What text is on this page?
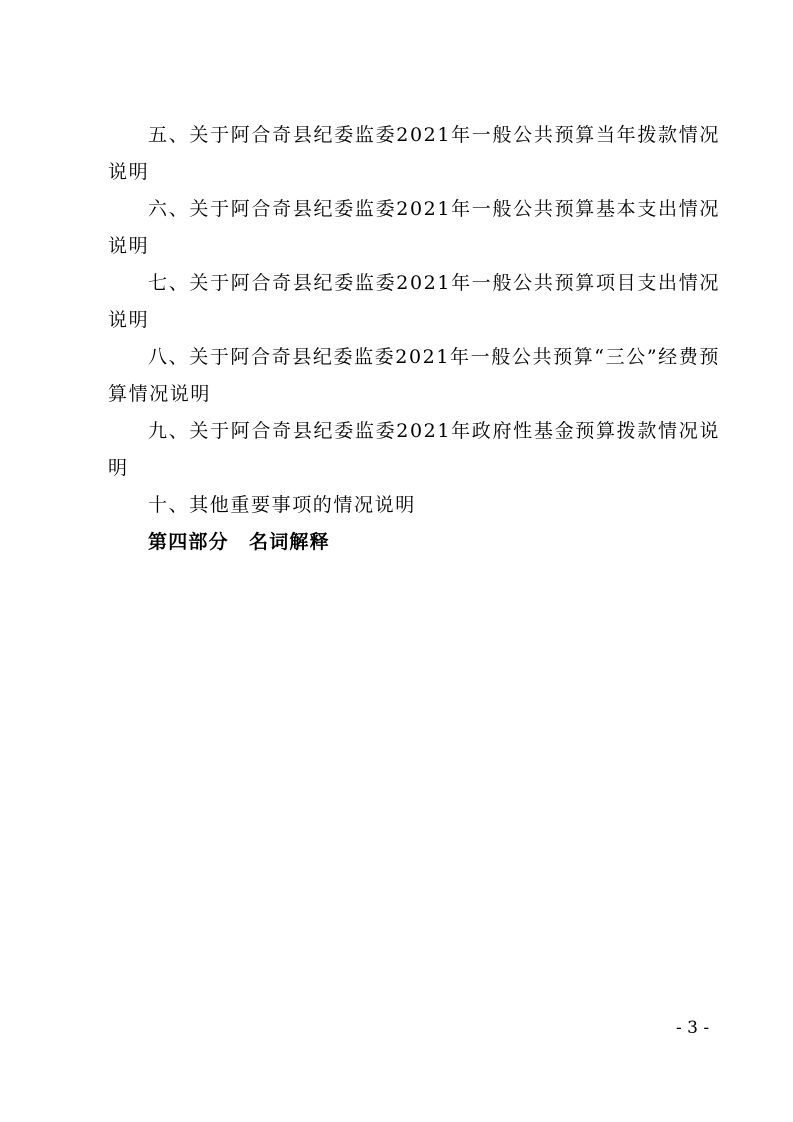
五、关于阿合奇县纪委监委2021年一般公共预算当年拨款情况说明

六、关于阿合奇县纪委监委2021年一般公共预算基本支出情况说明

七、关于阿合奇县纪委监委2021年一般公共预算项目支出情况说明

八、关于阿合奇县纪委监委2021年一般公共预算“三公”经费预算情况说明

九、关于阿合奇县纪委监委2021年政府性基金预算拨款情况说明

十、其他重要事项的情况说明

第四部分　名词解释

- 3 -
